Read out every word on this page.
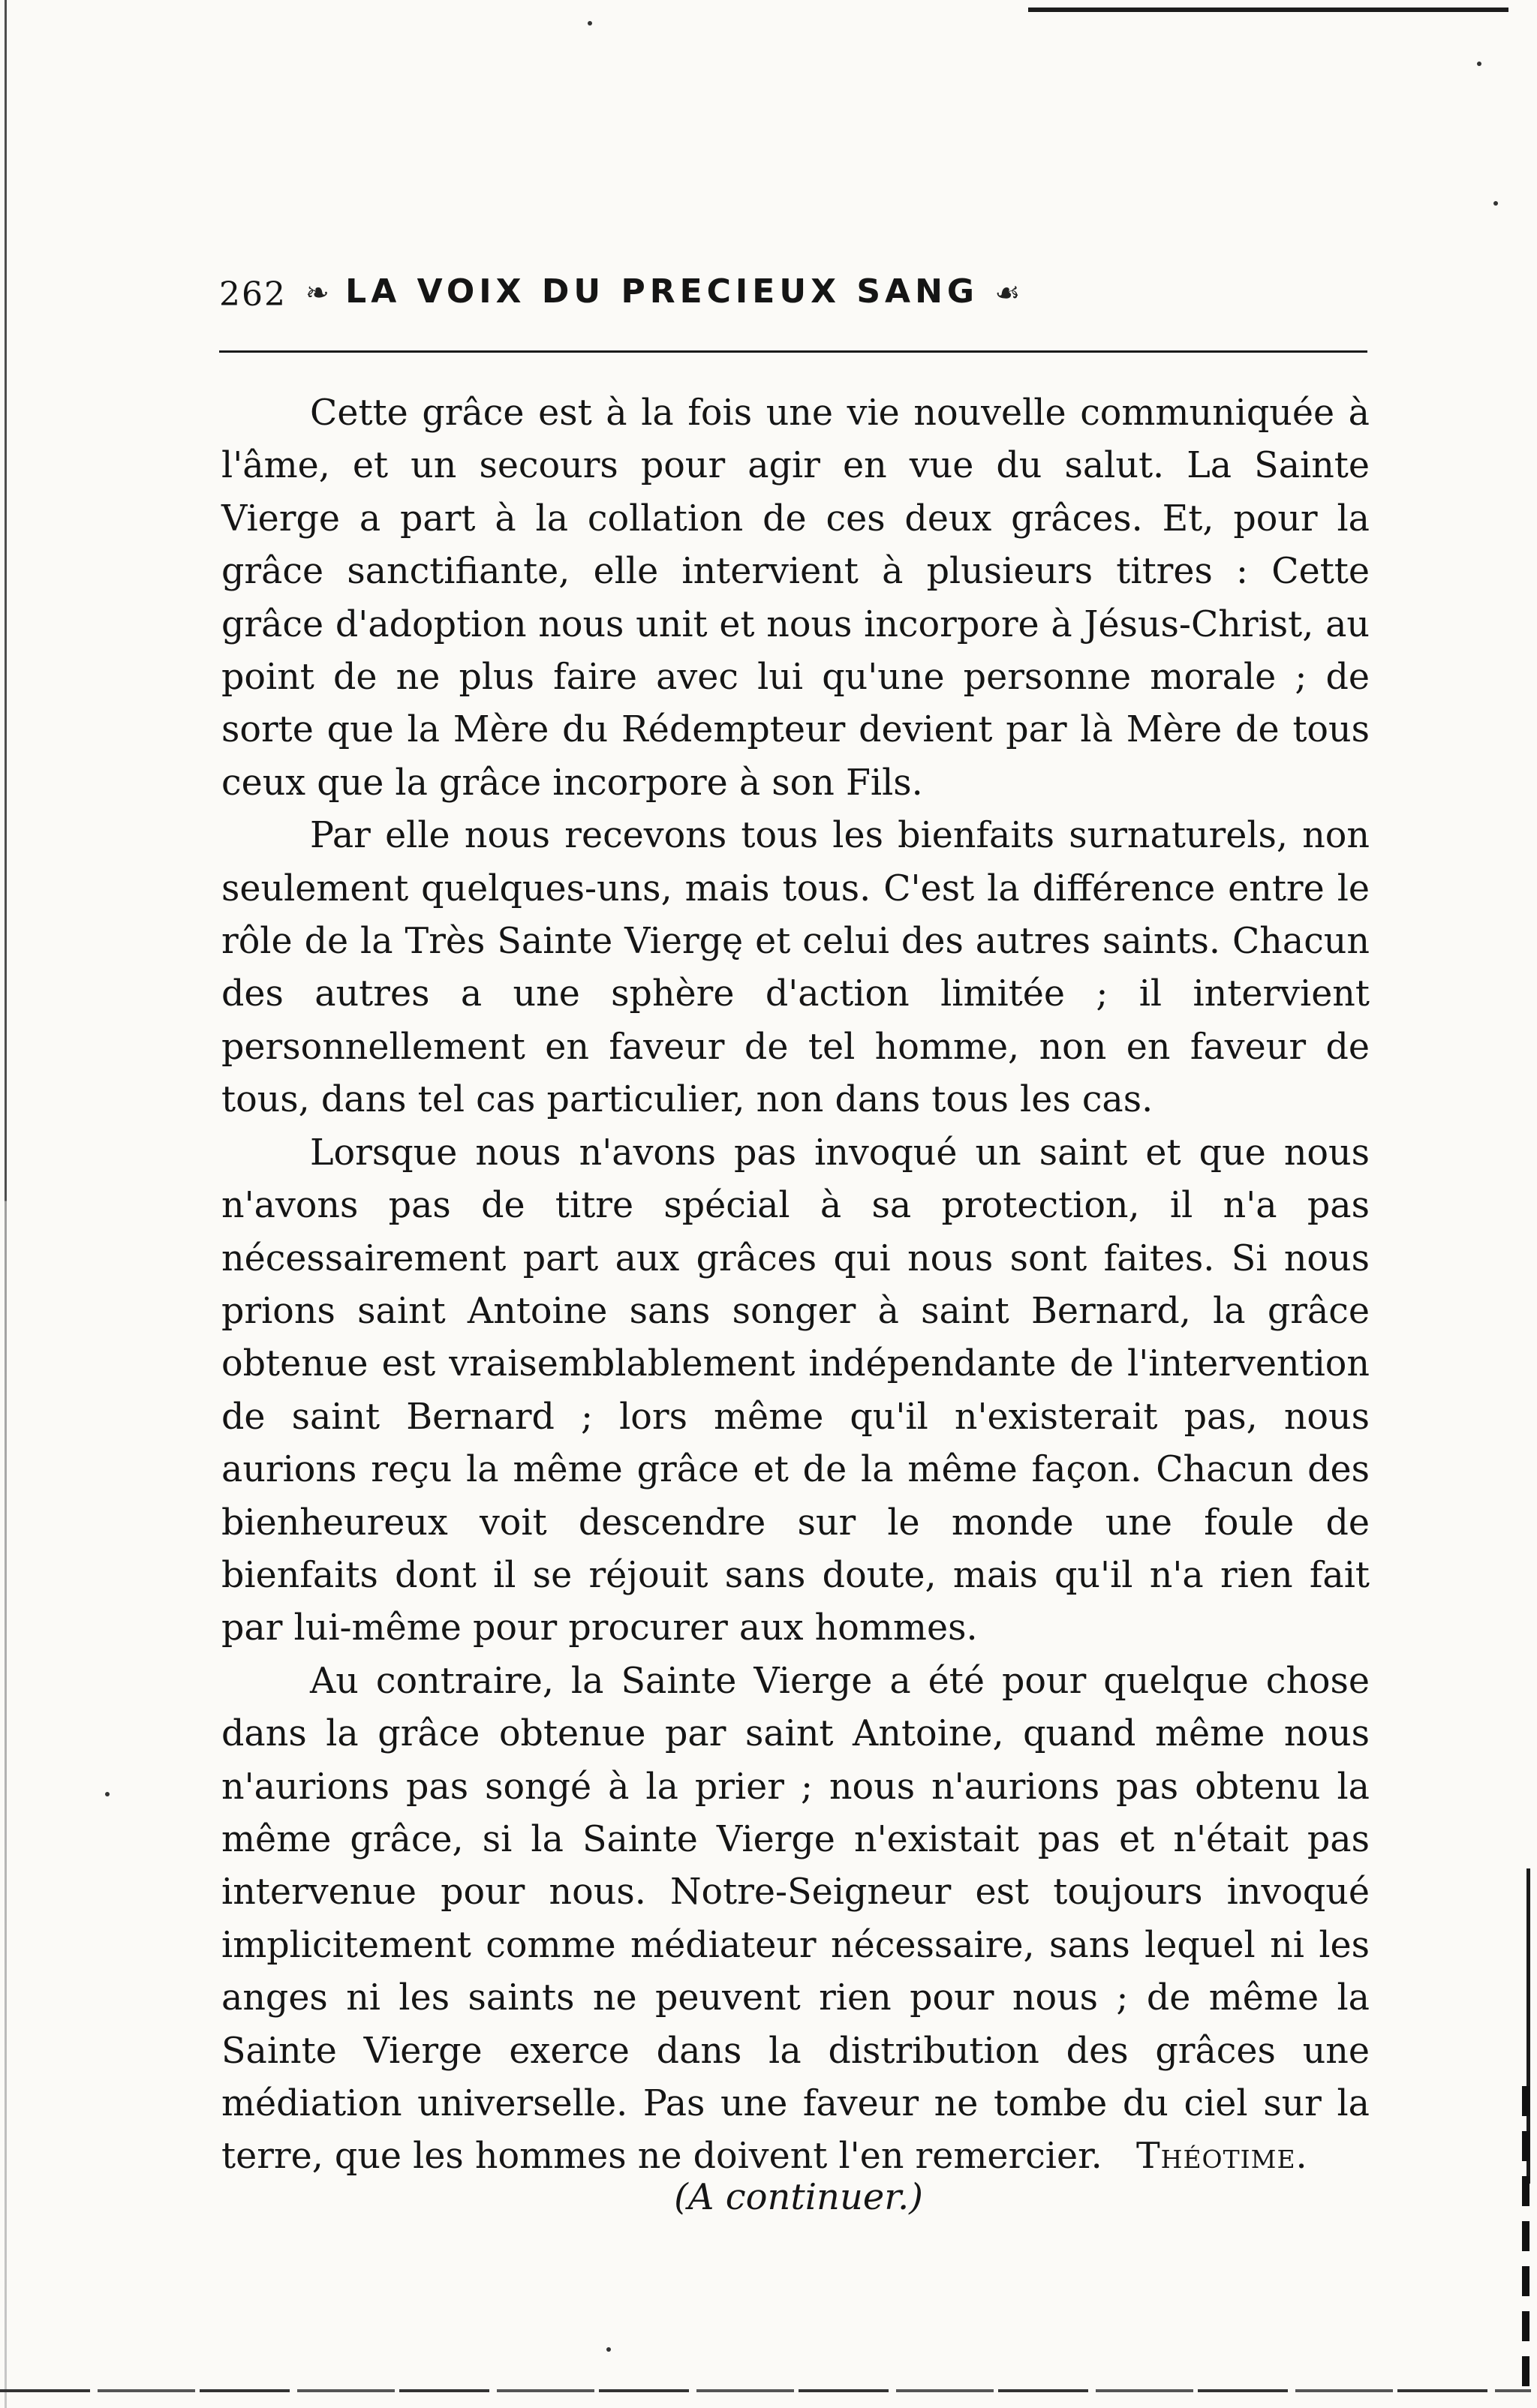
262 ❧ LA VOIX DU PRECIEUX SANG ☙

Cette grâce est à la fois une vie nouvelle communiquée à l'âme, et un secours pour agir en vue du salut. La Sainte Vierge a part à la collation de ces deux grâces. Et, pour la grâce sanctifiante, elle intervient à plusieurs titres : Cette grâce d'adoption nous unit et nous incorpore à Jésus-Christ, au point de ne plus faire avec lui qu'une personne morale ; de sorte que la Mère du Rédempteur devient par là Mère de tous ceux que la grâce incorpore à son Fils.

Par elle nous recevons tous les bienfaits surnaturels, non seulement quelques-uns, mais tous. C'est la différence entre le rôle de la Très Sainte Viergę et celui des autres saints. Chacun des autres a une sphère d'action limitée ; il intervient personnellement en faveur de tel homme, non en faveur de tous, dans tel cas particulier, non dans tous les cas.

Lorsque nous n'avons pas invoqué un saint et que nous n'avons pas de titre spécial à sa protection, il n'a pas nécessairement part aux grâces qui nous sont faites. Si nous prions saint Antoine sans songer à saint Bernard, la grâce obtenue est vraisemblablement indépendante de l'intervention de saint Bernard ; lors même qu'il n'existerait pas, nous aurions reçu la même grâce et de la même façon. Chacun des bienheureux voit descendre sur le monde une foule de bienfaits dont il se réjouit sans doute, mais qu'il n'a rien fait par lui-même pour procurer aux hommes.

Au contraire, la Sainte Vierge a été pour quelque chose dans la grâce obtenue par saint Antoine, quand même nous n'aurions pas songé à la prier ; nous n'aurions pas obtenu la même grâce, si la Sainte Vierge n'existait pas et n'était pas intervenue pour nous. Notre-Seigneur est toujours invoqué implicitement comme médiateur nécessaire, sans lequel ni les anges ni les saints ne peuvent rien pour nous ; de même la Sainte Vierge exerce dans la distribution des grâces une médiation universelle. Pas une faveur ne tombe du ciel sur la terre, que les hommes ne doivent l'en remercier. Théotime.

(A continuer.)
